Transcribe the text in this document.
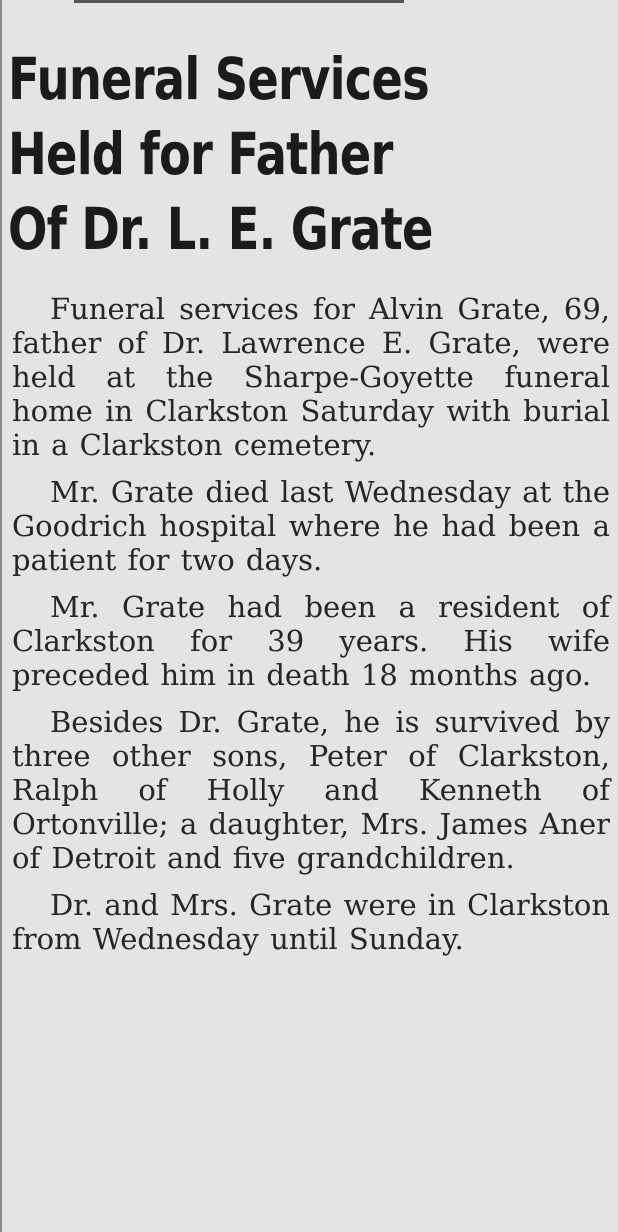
Funeral Services
Held for Father
Of Dr. L. E. Grate

Funeral services for Alvin Grate, 69, father of Dr. Lawrence E. Grate, were held at the Sharpe-Goyette funeral home in Clarkston Saturday with burial in a Clarkston cemetery.

Mr. Grate died last Wednesday at the Goodrich hospital where he had been a patient for two days.

Mr. Grate had been a resident of Clarkston for 39 years. His wife preceded him in death 18 months ago.

Besides Dr. Grate, he is survived by three other sons, Peter of Clarkston, Ralph of Holly and Kenneth of Ortonville; a daughter, Mrs. James Aner of Detroit and five grandchildren.

Dr. and Mrs. Grate were in Clarkston from Wednesday until Sunday.
